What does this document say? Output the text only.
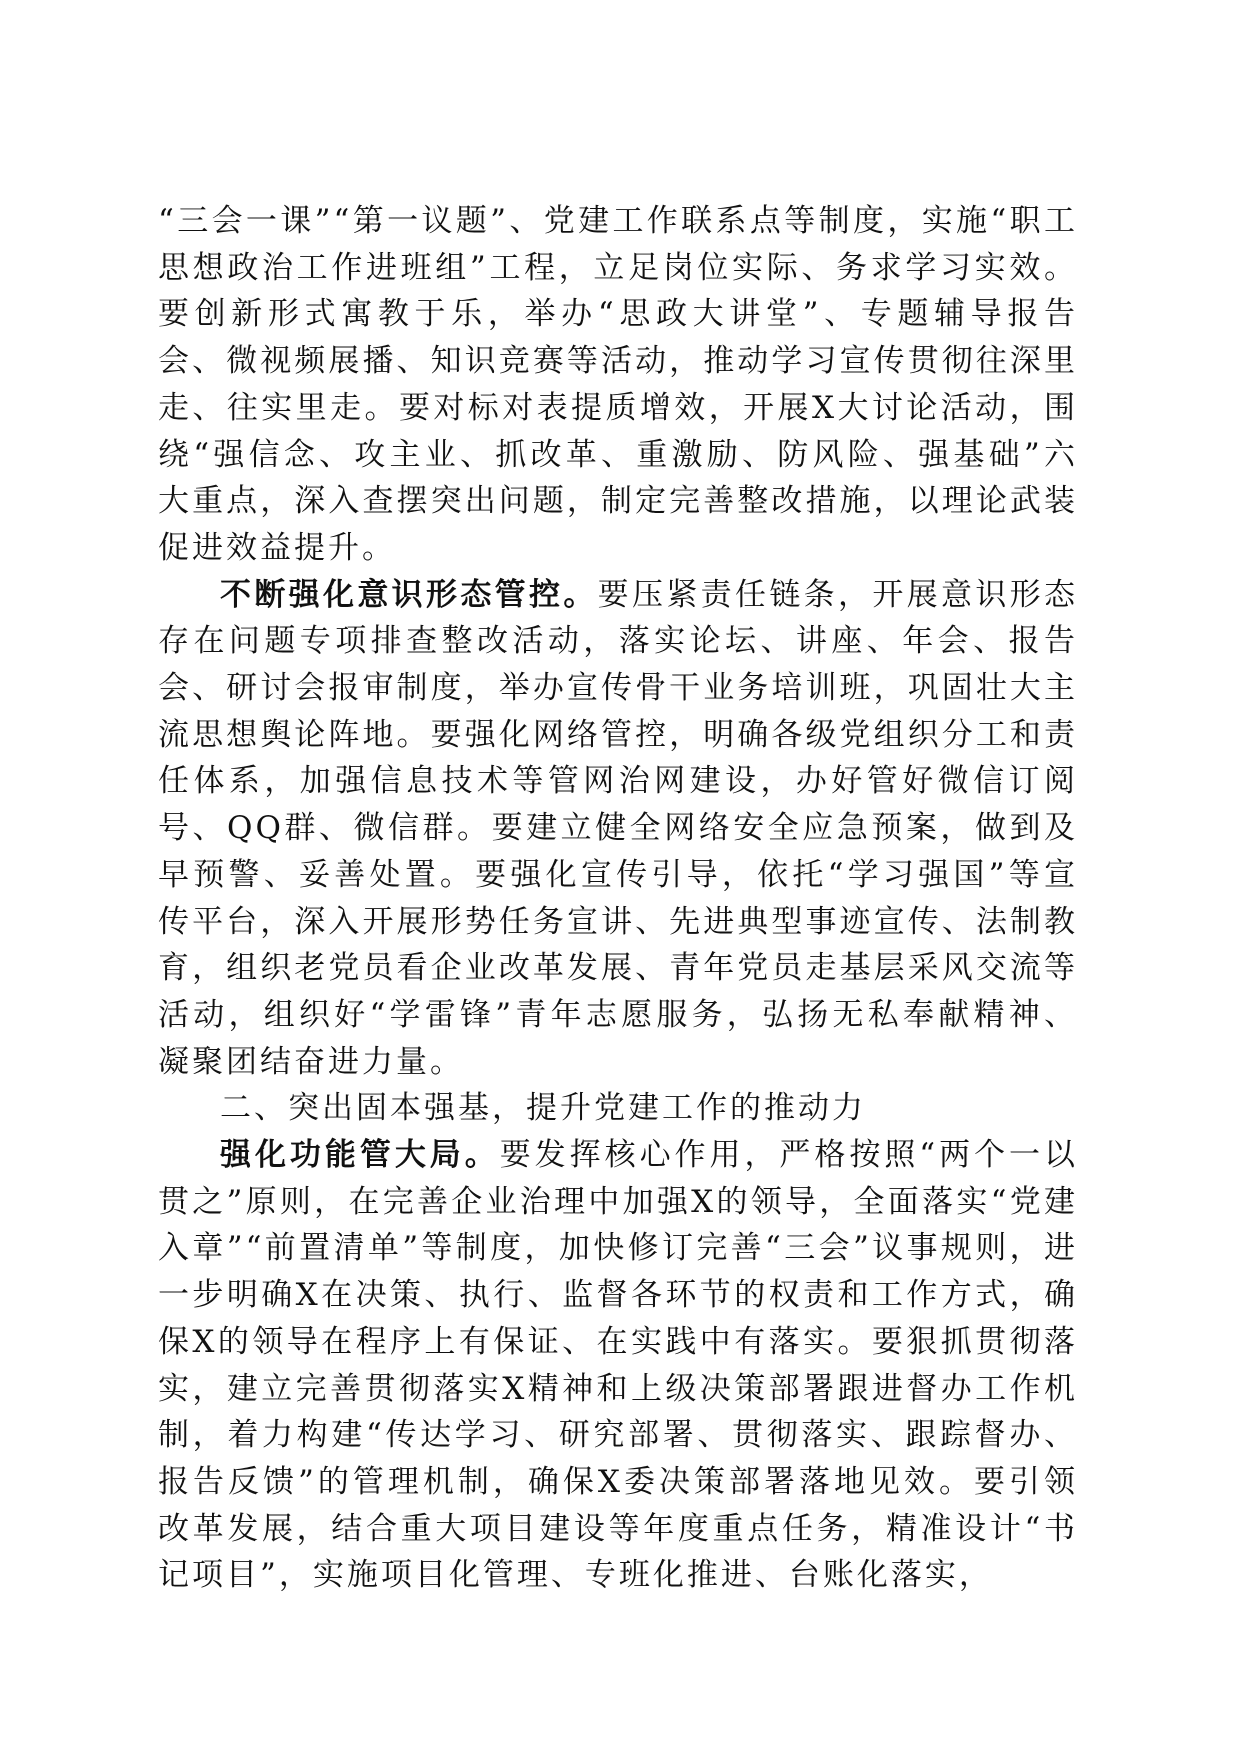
“三会一课”“第一议题”、党建工作联系点等制度，实施“职工思想政治工作进班组”工程，立足岗位实际、务求学习实效。要创新形式寓教于乐，举办“思政大讲堂”、专题辅导报告会、微视频展播、知识竞赛等活动，推动学习宣传贯彻往深里走、往实里走。要对标对表提质增效，开展X大讨论活动，围绕“强信念、攻主业、抓改革、重激励、防风险、强基础”六大重点，深入查摆突出问题，制定完善整改措施，以理论武装促进效益提升。

不断强化意识形态管控。要压紧责任链条，开展意识形态存在问题专项排查整改活动，落实论坛、讲座、年会、报告会、研讨会报审制度，举办宣传骨干业务培训班，巩固壮大主流思想舆论阵地。要强化网络管控，明确各级党组织分工和责任体系，加强信息技术等管网治网建设，办好管好微信订阅号、QQ群、微信群。要建立健全网络安全应急预案，做到及早预警、妥善处置。要强化宣传引导，依托“学习强国”等宣传平台，深入开展形势任务宣讲、先进典型事迹宣传、法制教育，组织老党员看企业改革发展、青年党员走基层采风交流等活动，组织好“学雷锋”青年志愿服务，弘扬无私奉献精神、凝聚团结奋进力量。

二、突出固本强基，提升党建工作的推动力

强化功能管大局。要发挥核心作用，严格按照“两个一以贯之”原则，在完善企业治理中加强X的领导，全面落实“党建入章”“前置清单”等制度，加快修订完善“三会”议事规则，进一步明确X在决策、执行、监督各环节的权责和工作方式，确保X的领导在程序上有保证、在实践中有落实。要狠抓贯彻落实，建立完善贯彻落实X精神和上级决策部署跟进督办工作机制，着力构建“传达学习、研究部署、贯彻落实、跟踪督办、报告反馈”的管理机制，确保X委决策部署落地见效。要引领改革发展，结合重大项目建设等年度重点任务，精准设计“书记项目”，实施项目化管理、专班化推进、台账化落实，
